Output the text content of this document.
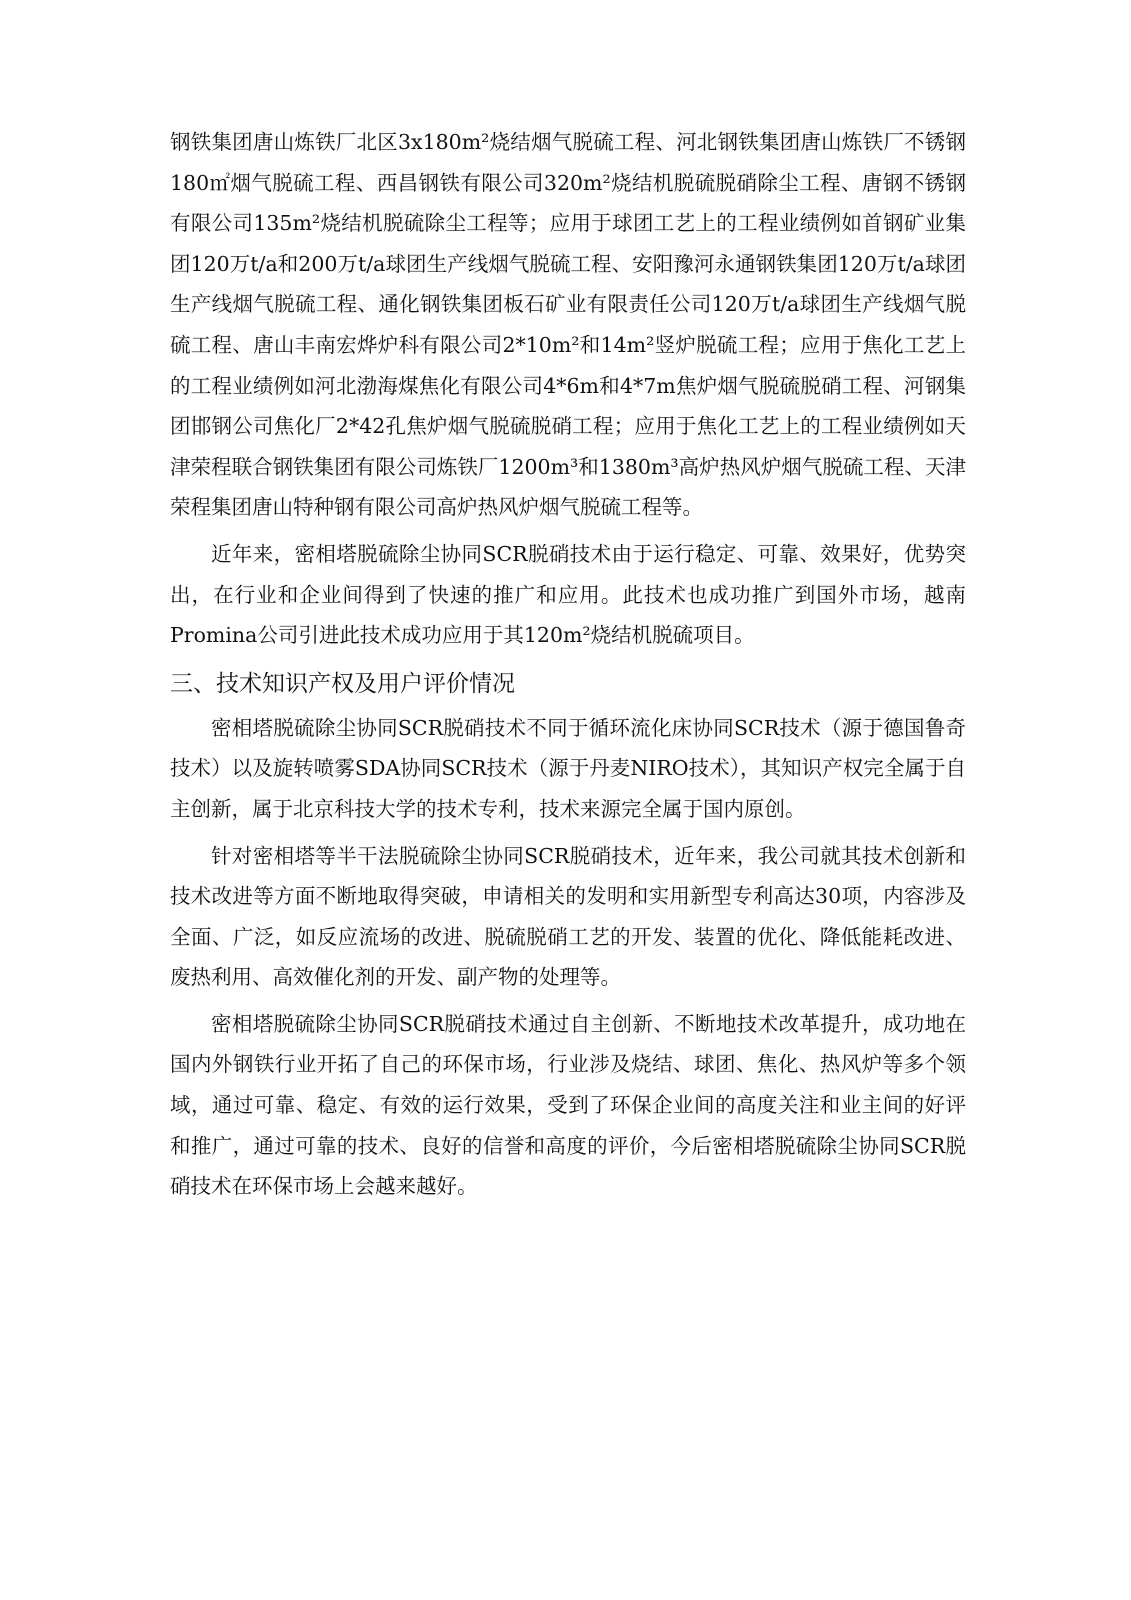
钢铁集团唐山炼铁厂北区3x180m²烧结烟气脱硫工程、河北钢铁集团唐山炼铁厂不锈钢180㎡烟气脱硫工程、西昌钢铁有限公司320m²烧结机脱硫脱硝除尘工程、唐钢不锈钢有限公司135m²烧结机脱硫除尘工程等；应用于球团工艺上的工程业绩例如首钢矿业集团120万t/a和200万t/a球团生产线烟气脱硫工程、安阳豫河永通钢铁集团120万t/a球团生产线烟气脱硫工程、通化钢铁集团板石矿业有限责任公司120万t/a球团生产线烟气脱硫工程、唐山丰南宏烨炉科有限公司2*10m²和14m²竖炉脱硫工程；应用于焦化工艺上的工程业绩例如河北渤海煤焦化有限公司4*6m和4*7m焦炉烟气脱硫脱硝工程、河钢集团邯钢公司焦化厂2*42孔焦炉烟气脱硫脱硝工程；应用于焦化工艺上的工程业绩例如天津荣程联合钢铁集团有限公司炼铁厂1200m³和1380m³高炉热风炉烟气脱硫工程、天津荣程集团唐山特种钢有限公司高炉热风炉烟气脱硫工程等。

近年来，密相塔脱硫除尘协同SCR脱硝技术由于运行稳定、可靠、效果好，优势突出，在行业和企业间得到了快速的推广和应用。此技术也成功推广到国外市场，越南Promina公司引进此技术成功应用于其120m²烧结机脱硫项目。

三、技术知识产权及用户评价情况

密相塔脱硫除尘协同SCR脱硝技术不同于循环流化床协同SCR技术（源于德国鲁奇技术）以及旋转喷雾SDA协同SCR技术（源于丹麦NIRO技术），其知识产权完全属于自主创新，属于北京科技大学的技术专利，技术来源完全属于国内原创。

针对密相塔等半干法脱硫除尘协同SCR脱硝技术，近年来，我公司就其技术创新和技术改进等方面不断地取得突破，申请相关的发明和实用新型专利高达30项，内容涉及全面、广泛，如反应流场的改进、脱硫脱硝工艺的开发、装置的优化、降低能耗改进、废热利用、高效催化剂的开发、副产物的处理等。

密相塔脱硫除尘协同SCR脱硝技术通过自主创新、不断地技术改革提升，成功地在国内外钢铁行业开拓了自己的环保市场，行业涉及烧结、球团、焦化、热风炉等多个领域，通过可靠、稳定、有效的运行效果，受到了环保企业间的高度关注和业主间的好评和推广，通过可靠的技术、良好的信誉和高度的评价，今后密相塔脱硫除尘协同SCR脱硝技术在环保市场上会越来越好。
